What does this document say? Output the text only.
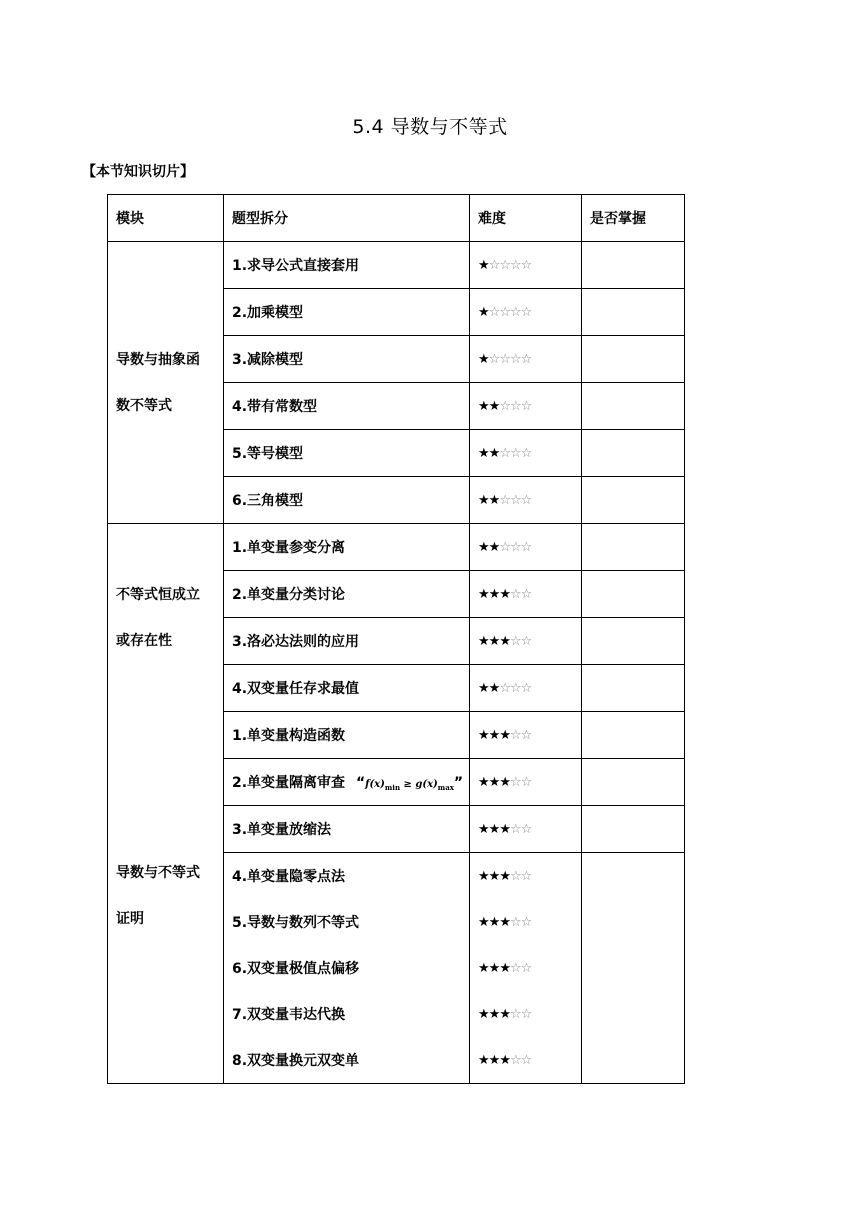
5.4 导数与不等式
【本节知识切片】
模块	题型拆分	难度	是否掌握

导数与抽象函
数不等式	1.求导公式直接套用	★☆☆☆☆	
	2.加乘模型	★☆☆☆☆	
	3.减除模型	★☆☆☆☆	
	4.带有常数型	★★☆☆☆	
	5.等号模型	★★☆☆☆	
	6.三角模型	★★☆☆☆	

不等式恒成立
或存在性	1.单变量参变分离	★★☆☆☆	
	2.单变量分类讨论	★★★☆☆	
	3.洛必达法则的应用	★★★☆☆	
	4.双变量任存求最值	★★☆☆☆	

导数与不等式
证明	1.单变量构造函数	★★★☆☆	
	2.单变量隔离审查 “$f(x)_{min} \ge g(x)_{max}$”	★★★☆☆	
	3.单变量放缩法	★★★☆☆	
	4.单变量隐零点法	★★★☆☆	
	5.导数与数列不等式	★★★☆☆	
	6.双变量极值点偏移	★★★☆☆	
	7.双变量韦达代换	★★★☆☆	
	8.双变量换元双变单	★★★☆☆	
